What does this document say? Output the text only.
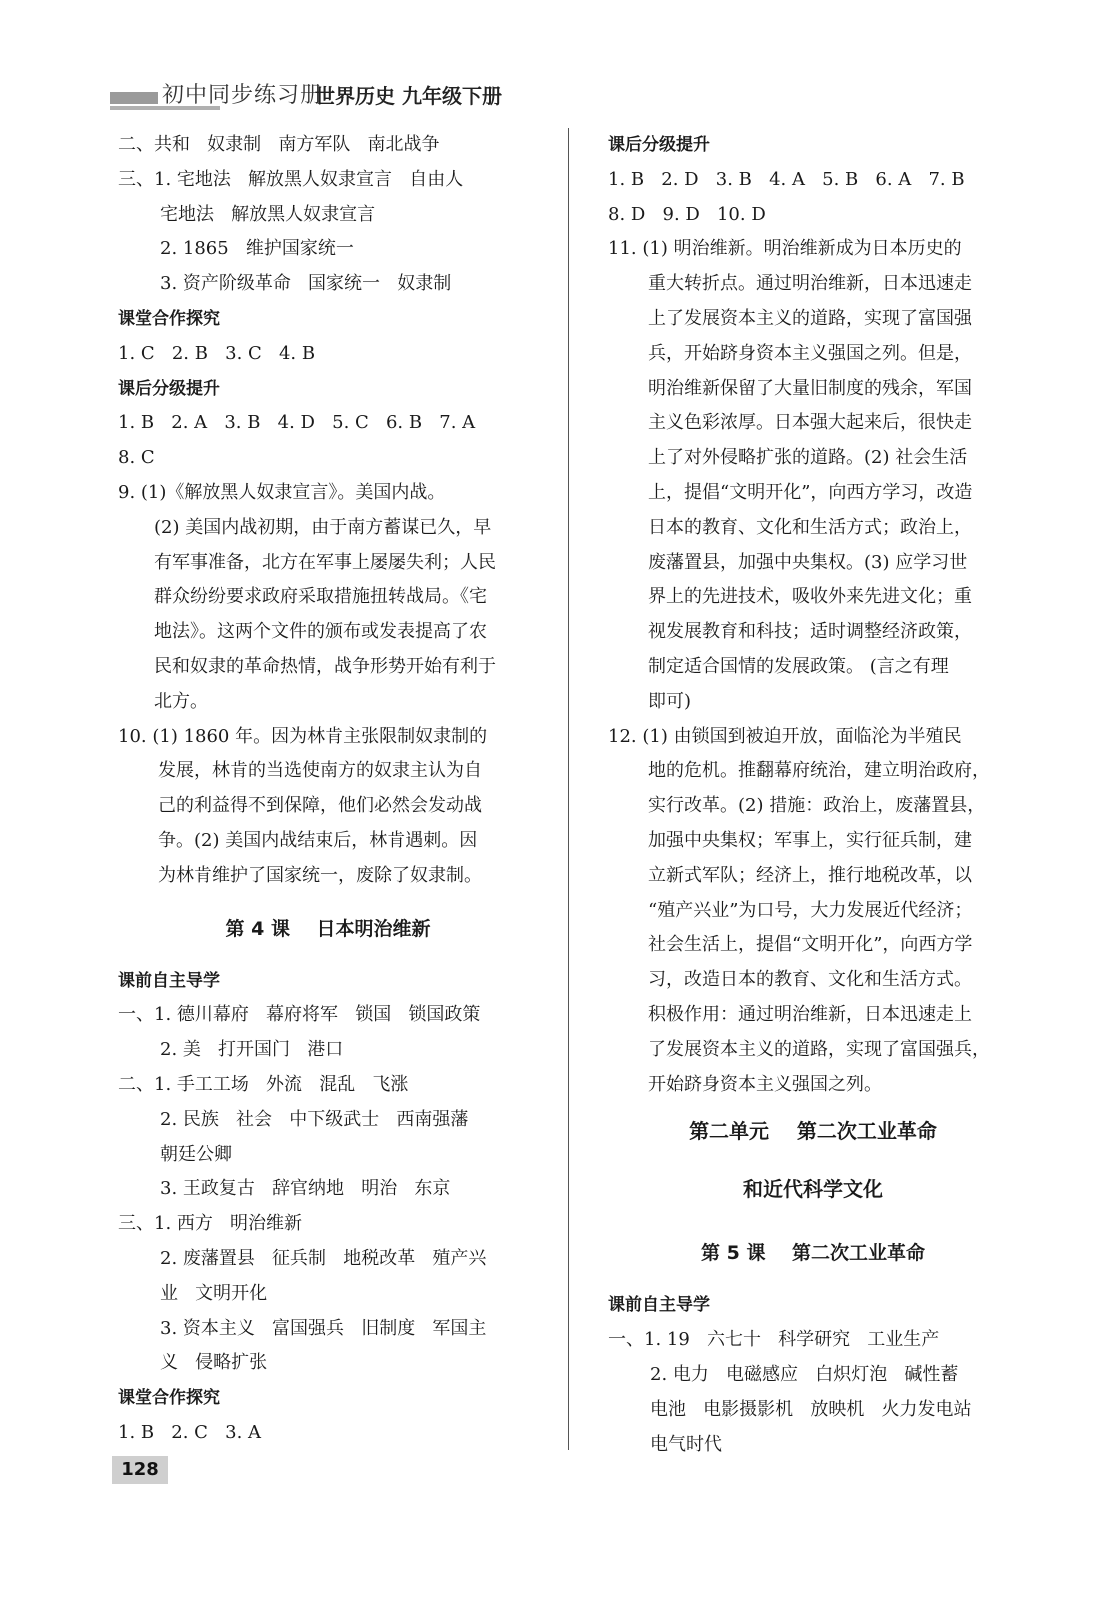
初中同步练习册
世界历史 九年级下册
二、共和   奴隶制   南方军队   南北战争
三、1. 宅地法   解放黑人奴隶宣言   自由人
宅地法   解放黑人奴隶宣言
2. 1865   维护国家统一
3. 资产阶级革命   国家统一   奴隶制
课堂合作探究
1. C   2. B   3. C   4. B
课后分级提升
1. B   2. A   3. B   4. D   5. C   6. B   7. A
8. C
9. (1)《解放黑人奴隶宣言》。美国内战。
(2) 美国内战初期，由于南方蓄谋已久，早
有军事准备，北方在军事上屡屡失利；人民
群众纷纷要求政府采取措施扭转战局。《宅
地法》。这两个文件的颁布或发表提高了农
民和奴隶的革命热情，战争形势开始有利于
北方。
10. (1) 1860 年。因为林肯主张限制奴隶制的
发展，林肯的当选使南方的奴隶主认为自
己的利益得不到保障，他们必然会发动战
争。(2) 美国内战结束后，林肯遇刺。因
为林肯维护了国家统一，废除了奴隶制。
第 4 课    日本明治维新
课前自主导学
一、1. 德川幕府   幕府将军   锁国   锁国政策
2. 美   打开国门   港口
二、1. 手工工场   外流   混乱   飞涨
2. 民族   社会   中下级武士   西南强藩
朝廷公卿
3. 王政复古   辞官纳地   明治   东京
三、1. 西方   明治维新
2. 废藩置县   征兵制   地税改革   殖产兴
业   文明开化
3. 资本主义   富国强兵   旧制度   军国主
义   侵略扩张
课堂合作探究
1. B   2. C   3. A
课后分级提升
1. B   2. D   3. B   4. A   5. B   6. A   7. B
8. D   9. D   10. D
11. (1) 明治维新。明治维新成为日本历史的
重大转折点。通过明治维新，日本迅速走
上了发展资本主义的道路，实现了富国强
兵，开始跻身资本主义强国之列。但是，
明治维新保留了大量旧制度的残余，军国
主义色彩浓厚。日本强大起来后，很快走
上了对外侵略扩张的道路。(2) 社会生活
上，提倡“文明开化”，向西方学习，改造
日本的教育、文化和生活方式；政治上，
废藩置县，加强中央集权。(3) 应学习世
界上的先进技术，吸收外来先进文化；重
视发展教育和科技；适时调整经济政策，
制定适合国情的发展政策。 (言之有理
即可)
12. (1) 由锁国到被迫开放，面临沦为半殖民
地的危机。推翻幕府统治，建立明治政府，
实行改革。(2) 措施：政治上，废藩置县，
加强中央集权；军事上，实行征兵制，建
立新式军队；经济上，推行地税改革，以
“殖产兴业”为口号，大力发展近代经济；
社会生活上，提倡“文明开化”，向西方学
习，改造日本的教育、文化和生活方式。
积极作用：通过明治维新，日本迅速走上
了发展资本主义的道路，实现了富国强兵，
开始跻身资本主义强国之列。
第二单元    第二次工业革命
和近代科学文化
第 5 课    第二次工业革命
课前自主导学
一、1. 19   六七十   科学研究   工业生产
2. 电力   电磁感应   白炽灯泡   碱性蓄
电池   电影摄影机   放映机   火力发电站
电气时代
128
